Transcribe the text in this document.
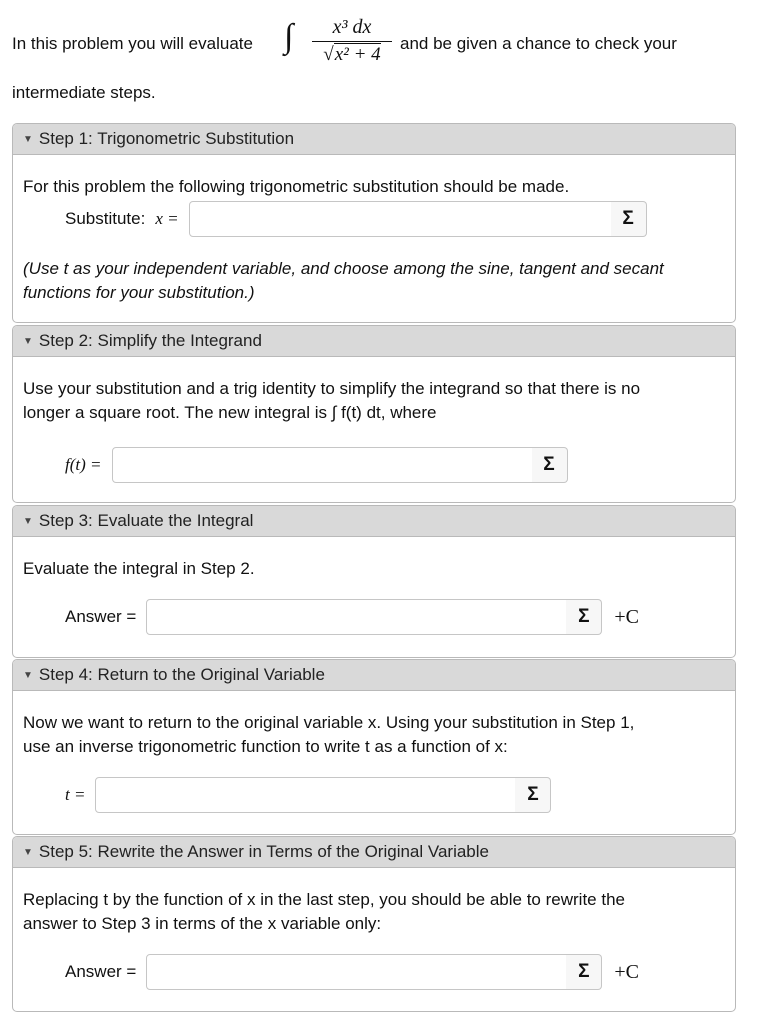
In this problem you will evaluate ∫	x³ dx
√x² + 4
and be given a chance to check your
intermediate steps.
▼ Step 1: Trigonometric Substitution
For this problem the following trigonometric substitution should be made.
Substitute: x =	Σ
(Use t as your independent variable, and choose among the sine, tangent and secant functions for your substitution.)
▼ Step 2: Simplify the Integrand
Use your substitution and a trig identity to simplify the integrand so that there is no
longer a square root. The new integral is ∫ f(t) dt, where
f(t) =	Σ
▼ Step 3: Evaluate the Integral
Evaluate the integral in Step 2.
Answer =	Σ	+C
▼ Step 4: Return to the Original Variable
Now we want to return to the original variable x. Using your substitution in Step 1,
use an inverse trigonometric function to write t as a function of x:
t =	Σ
▼ Step 5: Rewrite the Answer in Terms of the Original Variable
Replacing t by the function of x in the last step, you should be able to rewrite the
answer to Step 3 in terms of the x variable only:
Answer =	Σ	+C
